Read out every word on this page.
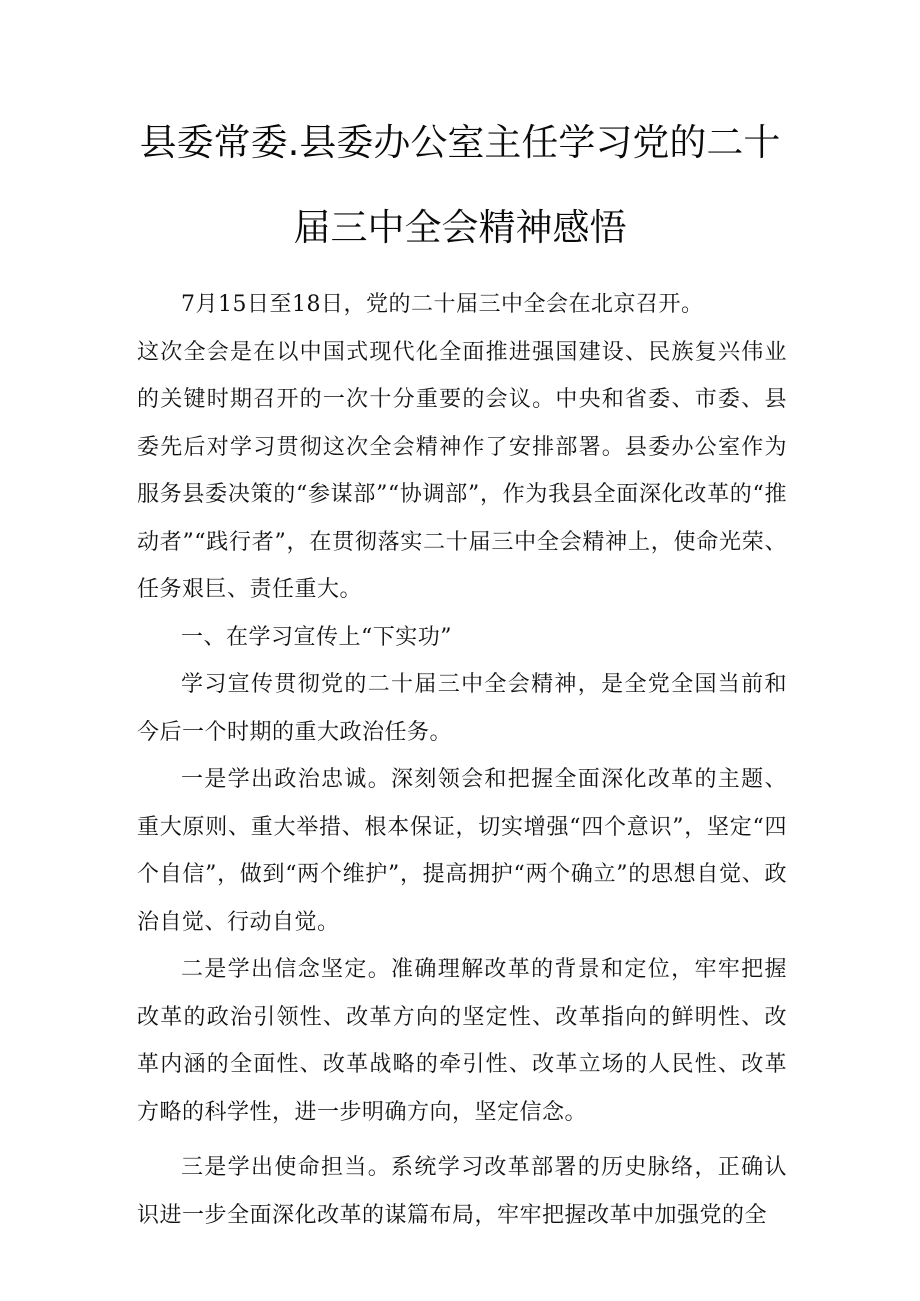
县委常委.县委办公室主任学习党的二十
届三中全会精神感悟

7月15日至18日，党的二十届三中全会在北京召开。

这次全会是在以中国式现代化全面推进强国建设、民族复兴伟业的关键时期召开的一次十分重要的会议。中央和省委、市委、县委先后对学习贯彻这次全会精神作了安排部署。县委办公室作为服务县委决策的“参谋部”“协调部”，作为我县全面深化改革的“推动者”“践行者”，在贯彻落实二十届三中全会精神上，使命光荣、任务艰巨、责任重大。

一、在学习宣传上“下实功”

学习宣传贯彻党的二十届三中全会精神，是全党全国当前和今后一个时期的重大政治任务。

一是学出政治忠诚。深刻领会和把握全面深化改革的主题、重大原则、重大举措、根本保证，切实增强“四个意识”，坚定“四个自信”，做到“两个维护”，提高拥护“两个确立”的思想自觉、政治自觉、行动自觉。

二是学出信念坚定。准确理解改革的背景和定位，牢牢把握改革的政治引领性、改革方向的坚定性、改革指向的鲜明性、改革内涵的全面性、改革战略的牵引性、改革立场的人民性、改革方略的科学性，进一步明确方向，坚定信念。

三是学出使命担当。系统学习改革部署的历史脉络，正确认识进一步全面深化改革的谋篇布局，牢牢把握改革中加强党的全
